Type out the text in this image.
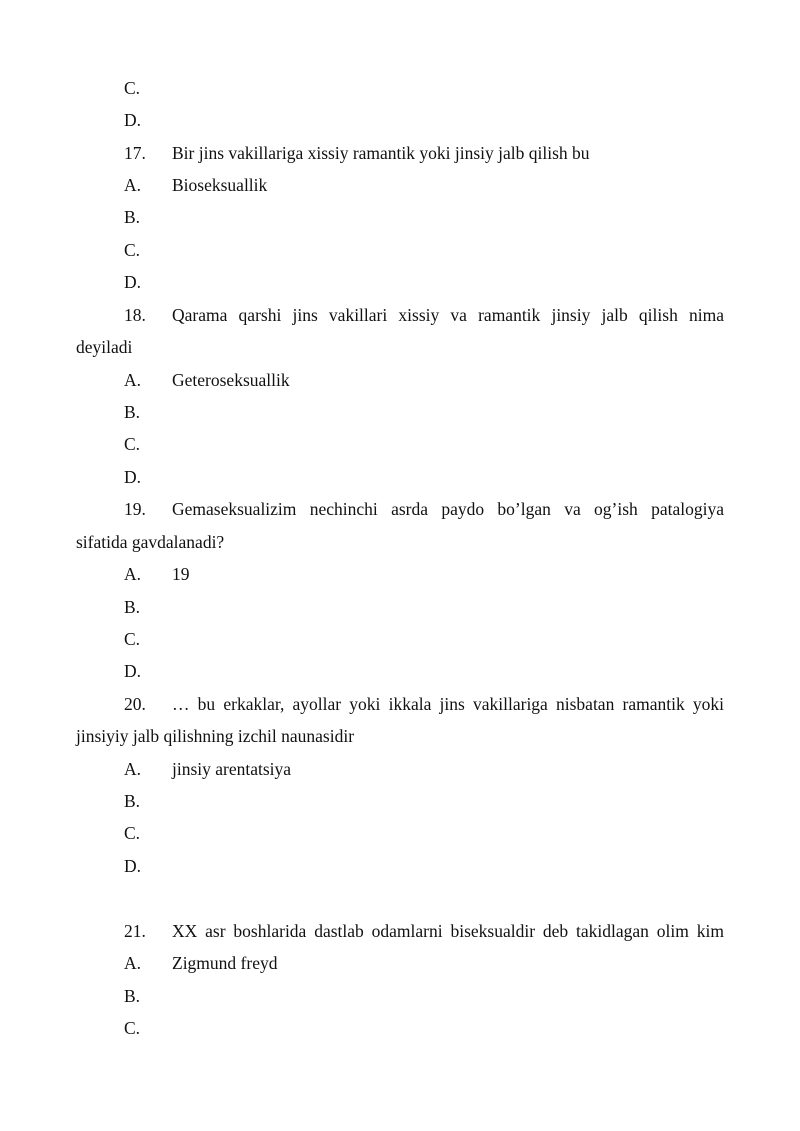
C.
D.
17. Bir jins vakillariga xissiy ramantik yoki jinsiy jalb qilish bu
A. Bioseksuallik
B.
C.
D.
18. Qarama qarshi jins vakillari xissiy va ramantik jinsiy jalb qilish nima
deyiladi
A. Geteroseksuallik
B.
C.
D.
19. Gemaseksualizim nechinchi asrda paydo bo’lgan va og’ish patalogiya
sifatida gavdalanadi?
A. 19
B.
C.
D.
20. … bu erkaklar, ayollar yoki ikkala jins vakillariga nisbatan ramantik yoki
jinsiyiy jalb qilishning izchil naunasidir
A. jinsiy arentatsiya
B.
C.
D.
21. XX asr boshlarida dastlab odamlarni biseksualdir deb takidlagan olim kim
A. Zigmund freyd
B.
C.
